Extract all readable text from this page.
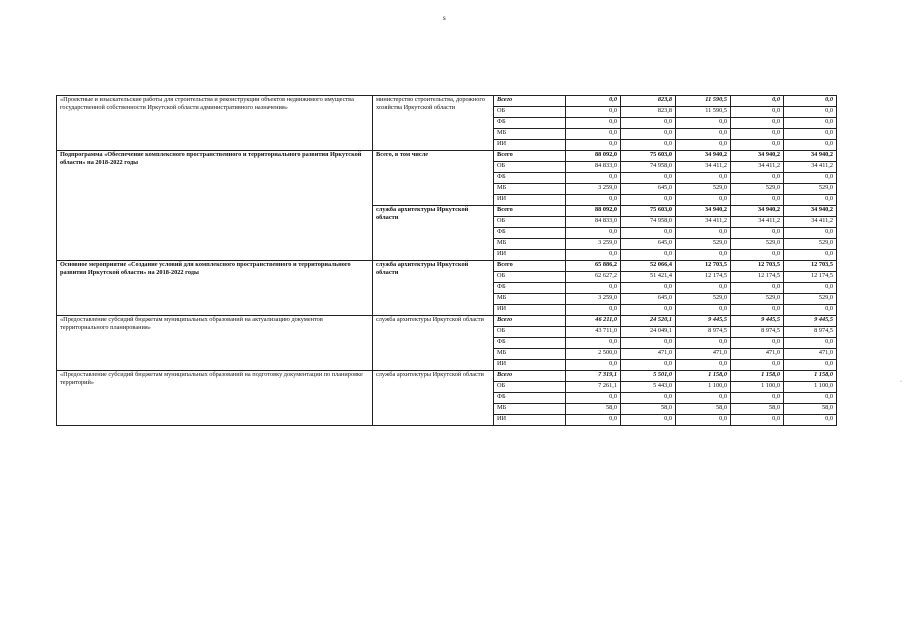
s
·
«Проектные и изыскательские работы для строительства и реконструкции объектов недвижимого имущества государственной собственности Иркутской области административного назначения»	министерство строительства, дорожного хозяйства Иркутской области	Всего	0,0	823,8	11 590,5	0,0	0,0
		ОБ	0,0	823,8	11 590,5	0,0	0,0
		ФБ	0,0	0,0	0,0	0,0	0,0
		МБ	0,0	0,0	0,0	0,0	0,0
		ИИ	0,0	0,0	0,0	0,0	0,0
Подпрограмма «Обеспечение комплексного пространственного и территориального развития Иркутской области» на 2018-2022 годы	Всего, в том числе	Всего	88 092,0	75 603,0	34 940,2	34 940,2	34 940,2
		ОБ	84 833,0	74 958,0	34 411,2	34 411,2	34 411,2
		ФБ	0,0	0,0	0,0	0,0	0,0
		МБ	3 259,0	645,0	529,0	529,0	529,0
		ИИ	0,0	0,0	0,0	0,0	0,0
	служба архитектуры Иркутской области	Всего	88 092,0	75 603,0	34 940,2	34 940,2	34 940,2
		ОБ	84 833,0	74 958,0	34 411,2	34 411,2	34 411,2
		ФБ	0,0	0,0	0,0	0,0	0,0
		МБ	3 259,0	645,0	529,0	529,0	529,0
		ИИ	0,0	0,0	0,0	0,0	0,0
Основное мероприятие «Создание условий для комплексного пространственного и территориального развития Иркутской области» на 2018-2022 годы	служба архитектуры Иркутской области	Всего	65 886,2	52 066,4	12 703,5	12 703,5	12 703,5
		ОБ	62 627,2	51 421,4	12 174,5	12 174,5	12 174,5
		ФБ	0,0	0,0	0,0	0,0	0,0
		МБ	3 259,0	645,0	529,0	529,0	529,0
		ИИ	0,0	0,0	0,0	0,0	0,0
«Предоставление субсидий бюджетам муниципальных образований на актуализацию документов территориального планирования»	служба архитектуры Иркутской области	Всего	46 211,0	24 520,1	9 445,5	9 445,5	9 445,5
		ОБ	43 711,0	24 049,1	8 974,5	8 974,5	8 974,5
		ФБ	0,0	0,0	0,0	0,0	0,0
		МБ	2 500,0	471,0	471,0	471,0	471,0
		ИИ	0,0	0,0	0,0	0,0	0,0
«Предоставление субсидий бюджетам муниципальных образований на подготовку документации по планировке территорий»	служба архитектуры Иркутской области	Всего	7 319,1	5 501,0	1 158,0	1 158,0	1 158,0
		ОБ	7 261,1	5 443,0	1 100,0	1 100,0	1 100,0
		ФБ	0,0	0,0	0,0	0,0	0,0
		МБ	58,0	58,0	58,0	58,0	58,0
		ИИ	0,0	0,0	0,0	0,0	0,0
